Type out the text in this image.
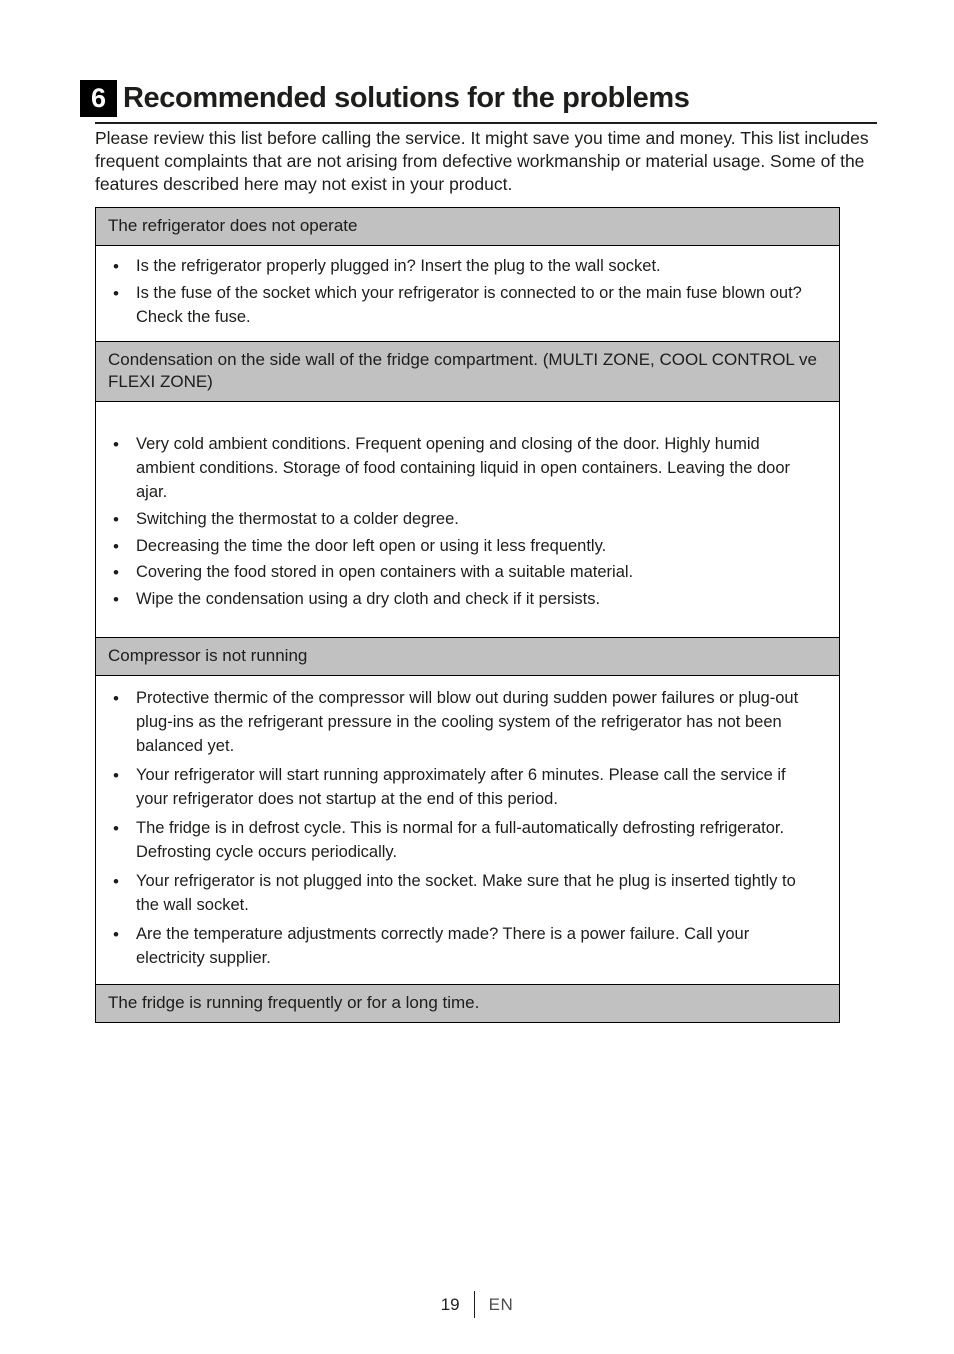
6 Recommended solutions for the problems
Please review this list before calling the service. It might save you time and money. This list includes frequent complaints that are not arising from defective workmanship or material usage. Some of the features described here may not exist in your product.
The refrigerator does not operate
• Is the refrigerator properly plugged in? Insert the plug to the wall socket.
• Is the fuse of the socket which your refrigerator is connected to or the main fuse blown out? Check the fuse.
Condensation on the side wall of the fridge compartment. (MULTI ZONE, COOL CONTROL ve FLEXI ZONE)
• Very cold ambient conditions. Frequent opening and closing of the door. Highly humid ambient conditions. Storage of food containing liquid in open containers. Leaving the door ajar.
• Switching the thermostat to a colder degree.
• Decreasing the time the door left open or using it less frequently.
• Covering the food stored in open containers with a suitable material.
• Wipe the condensation using a dry cloth and check if it persists.
Compressor is not running
• Protective thermic of the compressor will blow out during sudden power failures or plug-out plug-ins as the refrigerant pressure in the cooling system of the refrigerator has not been balanced yet.
• Your refrigerator will start running approximately after 6 minutes. Please call the service if your refrigerator does not startup at the end of this period.
• The fridge is in defrost cycle. This is normal for a full-automatically defrosting refrigerator. Defrosting cycle occurs periodically.
• Your refrigerator is not plugged into the socket. Make sure that he plug is inserted tightly to the wall socket.
• Are the temperature adjustments correctly made? There is a power failure. Call your electricity supplier.
The fridge is running frequently or for a long time.
19 EN
